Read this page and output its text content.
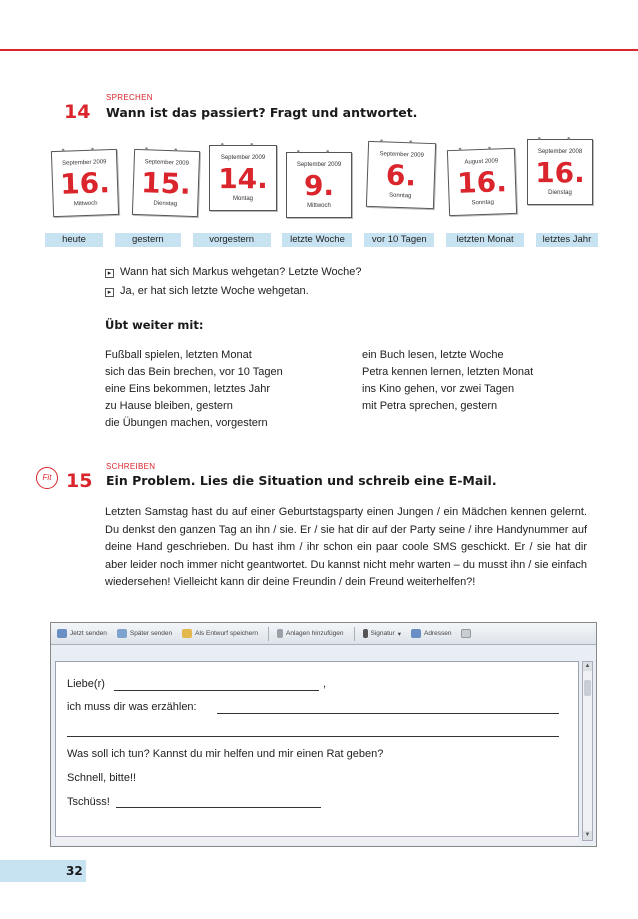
SPRECHEN
14 Wann ist das passiert? Fragt und antwortet.
● ●
September 2009
16.
Mittwoch
● ●
September 2009
15.
Dienstag
● ●
September 2009
14.
Montag
● ●
September 2009
9.
Mittwoch
● ●
September 2009
6.
Sonntag
● ●
August 2009
16.
Sonntag
● ●
September 2008
16.
Dienstag
heute	gestern	vorgestern	letzte Woche	vor 10 Tagen	letzten Monat	letztes Jahr
▸ Wann hat sich Markus wehgetan? Letzte Woche?
▸ Ja, er hat sich letzte Woche wehgetan.
Übt weiter mit:
Fußball spielen, letzten Monat
sich das Bein brechen, vor 10 Tagen
eine Eins bekommen, letztes Jahr
zu Hause bleiben, gestern
die Übungen machen, vorgestern
ein Buch lesen, letzte Woche
Petra kennen lernen, letzten Monat
ins Kino gehen, vor zwei Tagen
mit Petra sprechen, gestern
Fit
SCHREIBEN
15 Ein Problem. Lies die Situation und schreib eine E-Mail.
Letzten Samstag hast du auf einer Geburtstagsparty einen Jungen / ein Mädchen kennen gelernt. Du denkst den ganzen Tag an ihn / sie. Er / sie hat dir auf der Party seine / ihre Handynummer auf deine Hand geschrieben. Du hast ihm / ihr schon ein paar coole SMS geschickt. Er / sie hat dir aber leider noch immer nicht geantwortet. Du kannst nicht mehr warten – du musst ihn / sie einfach wiedersehen! Vielleicht kann dir deine Freundin / dein Freund weiterhelfen?!
Jetzt senden	Später senden	Als Entwurf speichern	Anlagen hinzufügen	Signatur ▾	Adressen
▲
▼
Liebe(r)	,
ich muss dir was erzählen:
Was soll ich tun? Kannst du mir helfen und mir einen Rat geben?
Schnell, bitte!!
Tschüss!
32
